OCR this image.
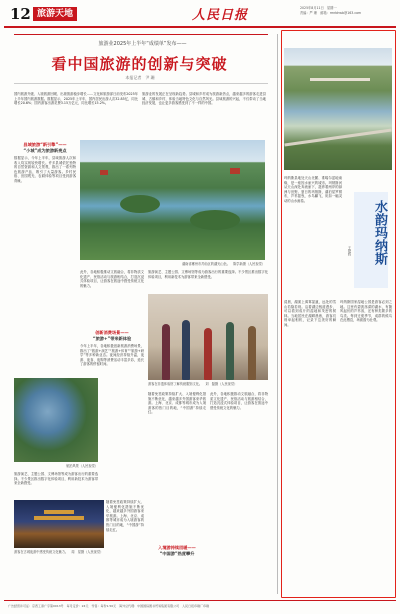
12 旅游天地	人民日报	2025年8月11日　星期一
责编：严 珊　邮箱：rmrbhwb@163.com
旅游业2025年上半年“成绩单”发布——
看中国旅游的创新与突破
本报记者　尹 珊
国内旅游升级、入境旅游回暖、出境旅游稳步增长……文化和旅游部日前发布2025年上半年国内旅游数据。数据显示，2025年上半年，国内居民出游人次32.85亿，同比增长20.6%；国内游客出游花费3.15万亿元，同比增长15.2%。
旅游业的发展正在呈现新趋势。县城和乡村成为旅游新热点，越来越多的游客走进县城、古镇和乡村，体验当地特色文化与自然风光。县域旅游的兴起，不仅带动了当地经济发展，也让更多游客感受到了不一样的中国。
县域旅游“新引擎”——
“小城”成为旅游新亮点
数据显示，今年上半年，县域旅游人次和收入均实现较快增长。许多县城依托独特的自然资源和人文景观，推出了一系列特色旅游产品，吸引了大量游客。乡村民宿、田园观光、农耕体验等项目受到游客青睐。
湖南省郴州市苏仙区的湖光山色。　陈学新摄（人民视觉）
此外，各地积极推动文旅融合，将非物质文化遗产、民俗活动与旅游相结合，打造沉浸式体验项目，让游客在旅途中感受传统文化的魅力。
创新消费场景——
“旅游+”带来新体验
今年上半年，各地积极创新旅游消费场景，推出了“旅游+演艺”“旅游+体育”“旅游+研学”等多种新业态。夜间经济持续升温，夜游、夜食、夜购等消费活动丰富多彩，延长了游客的停留时间。
旅游演艺、主题公园、文博场馆等成为游客出行的重要选择。不少景区推出数字化体验项目，利用新技术为游客带来全新感受。
游客在非遗体验馆了解传统服饰文化。　刘　磊摄（人民视觉）
随着免签政策持续扩大、入境便利化措施不断优化，越来越多外国游客来华旅游。上海、北京、成都等城市成为入境游客的热门目的地，“中国游”持续走红。
此外，各地积极推动文旅融合，将非物质文化遗产、民俗活动与旅游相结合，打造沉浸式体验项目，让游客在旅途中感受传统文化的魅力。
入境游持续回暖——
“中国游”热度攀升
航拍风景（人民视觉）
旅游演艺、主题公园、文博场馆等成为游客出行的重要选择。不少景区推出数字化体验项目，利用新技术为游客带来全新感受。
游客在古城夜游中感受传统文化魅力。　周　星摄（人民视觉）
随着免签政策持续扩大、入境便利化措施不断优化，越来越多外国游客来华旅游。上海、北京、成都等城市成为入境游客的热门目的地，“中国游”持续走红。
玛纳斯县地处天山北麓、准噶尔盆地南缘，是一座因水而兴的城市。玛纳斯河从天山深处奔流而下，滋养着两岸的绿洲与田野。夏日的玛纳斯，湖泊星罗棋布，芦苇摇曳，水鸟翻飞，宛如一幅灵动的山水画卷。	水韵玛纳斯
王艳辉
清晨，湖面上薄雾氤氲，远处的雪山若隐若现。沿着湖边栈道漫步，可以看到成片的湿地和茂密的树林。当地居民在湖畔晨练，游客们则举起相机，记录下这美好的瞬间。
玛纳斯国家湿地公园是游客必到之地。这里有碧波荡漾的湖水，有随风起伏的芦苇荡，还有种类繁多的鸟类。每到迁徙季节，成群的候鸟在此栖息，场面蔚为壮观。
广告经营许可证：京西工商广字第0013号　每月定价：24元　零售：每份1.50元　海外总代理：中国国际图书贸易集团有限公司　人民日报印刷厂印刷
